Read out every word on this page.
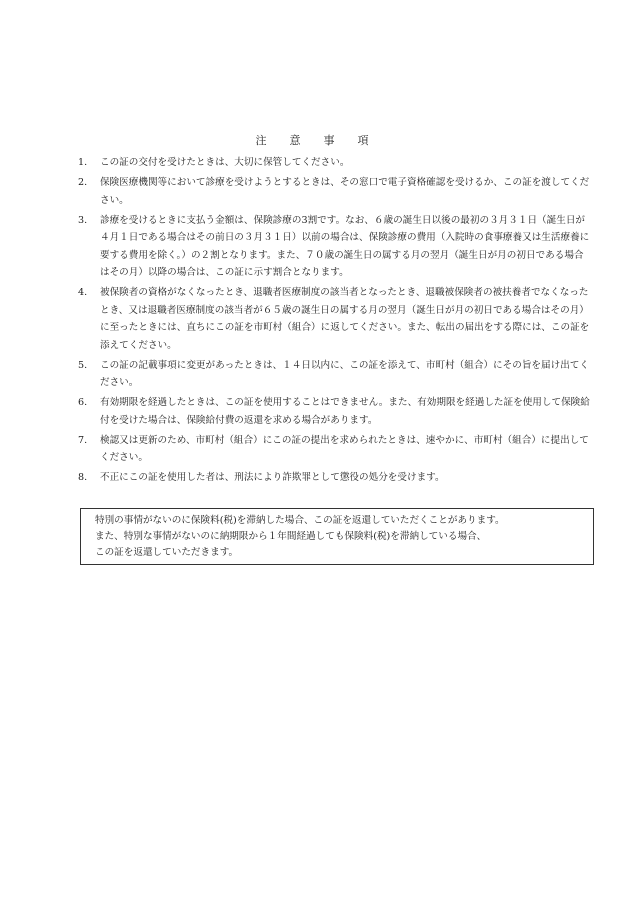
注　意　事　項
1.	この証の交付を受けたときは、大切に保管してください。
2.	保険医療機関等において診療を受けようとするときは、その窓口で電子資格確認を受けるか、この証を渡してください。
3.	診療を受けるときに支払う金額は、保険診療の3割です。なお、６歳の誕生日以後の最初の３月３１日（誕生日が４月１日である場合はその前日の３月３１日）以前の場合は、保険診療の費用（入院時の食事療養又は生活療養に要する費用を除く。）の２割となります。また、７０歳の誕生日の属する月の翌月（誕生日が月の初日である場合はその月）以降の場合は、この証に示す割合となります。
4.	被保険者の資格がなくなったとき、退職者医療制度の該当者となったとき、退職被保険者の被扶養者でなくなったとき、又は退職者医療制度の該当者が６５歳の誕生日の属する月の翌月（誕生日が月の初日である場合はその月）に至ったときには、直ちにこの証を市町村（組合）に返してください。また、転出の届出をする際には、この証を添えてください。
5.	この証の記載事項に変更があったときは、１４日以内に、この証を添えて、市町村（組合）にその旨を届け出てください。
6.	有効期限を経過したときは、この証を使用することはできません。また、有効期限を経過した証を使用して保険給付を受けた場合は、保険給付費の返還を求める場合があります。
7.	検認又は更新のため、市町村（組合）にこの証の提出を求められたときは、速やかに、市町村（組合）に提出してください。
8.	不正にこの証を使用した者は、刑法により詐欺罪として懲役の処分を受けます。
特別の事情がないのに保険料(税)を滞納した場合、この証を返還していただくことがあります。
また、特別な事情がないのに納期限から１年間経過しても保険料(税)を滞納している場合、
この証を返還していただきます。
